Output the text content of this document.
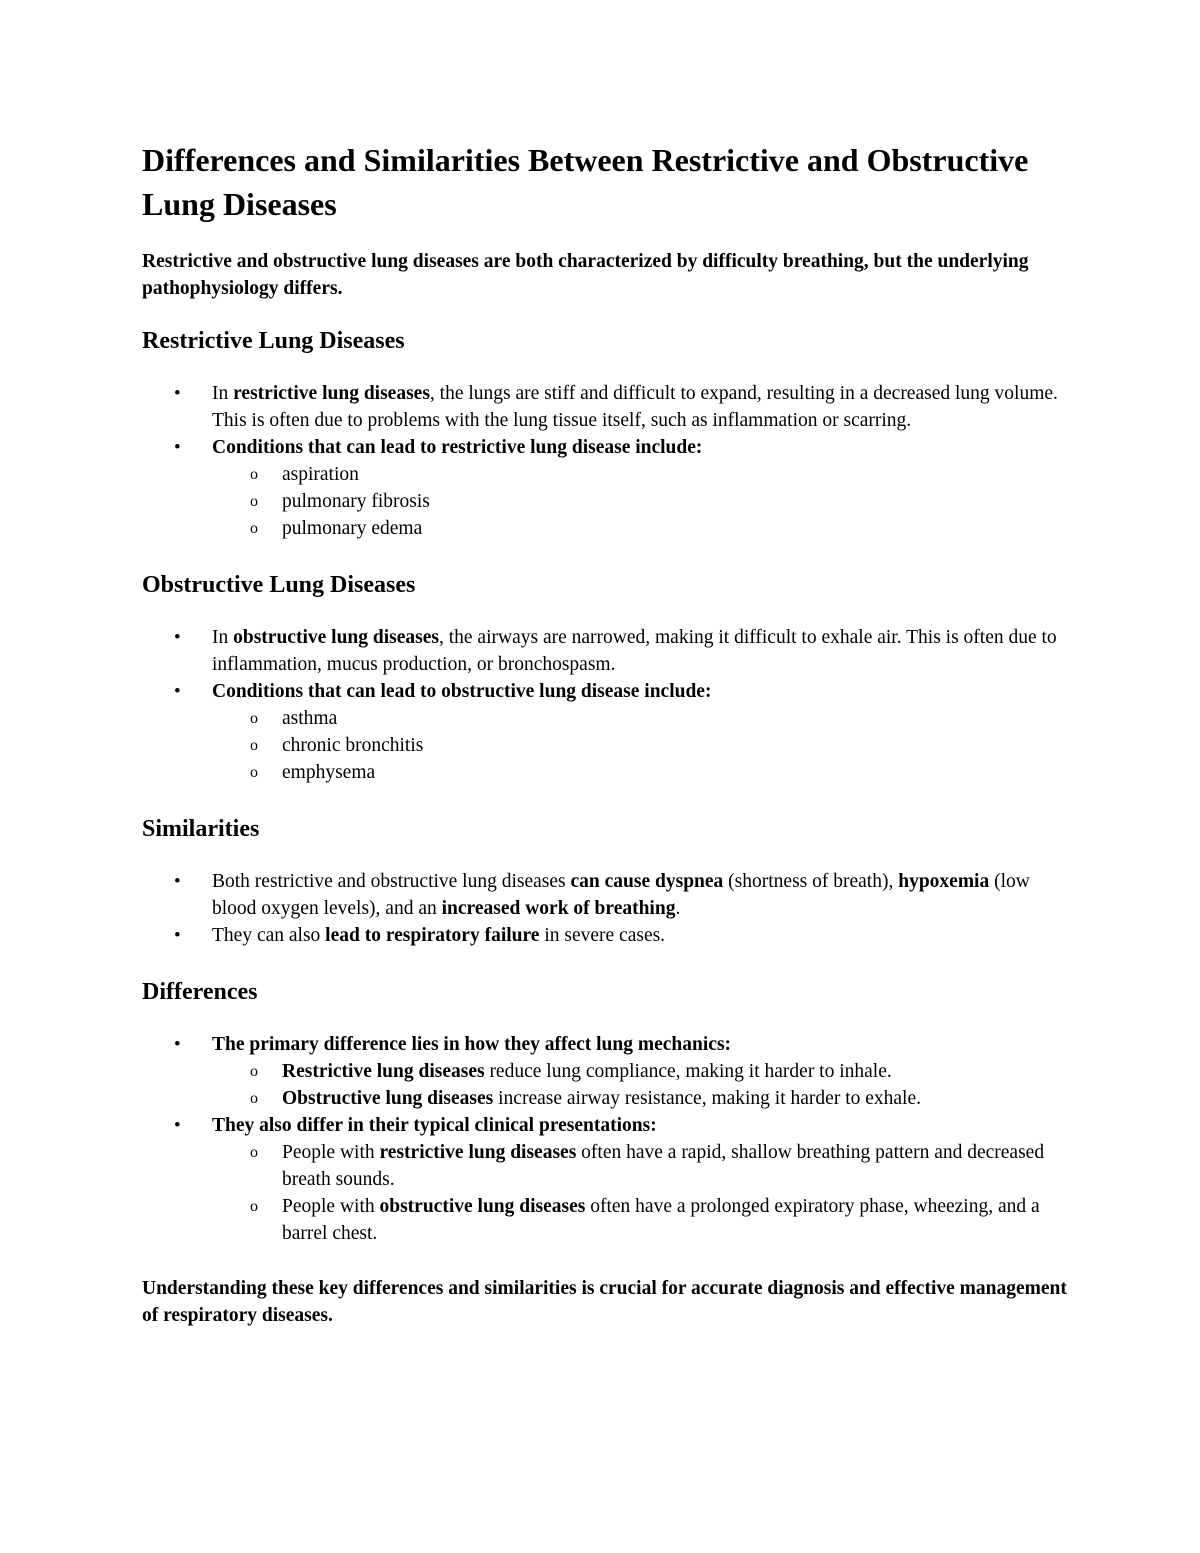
Differences and Similarities Between Restrictive and Obstructive Lung Diseases

Restrictive and obstructive lung diseases are both characterized by difficulty breathing, but the underlying pathophysiology differs.

Restrictive Lung Diseases
• In restrictive lung diseases, the lungs are stiff and difficult to expand, resulting in a decreased lung volume. This is often due to problems with the lung tissue itself, such as inflammation or scarring.
• Conditions that can lead to restrictive lung disease include:
o aspiration
o pulmonary fibrosis
o pulmonary edema
Obstructive Lung Diseases
• In obstructive lung diseases, the airways are narrowed, making it difficult to exhale air. This is often due to inflammation, mucus production, or bronchospasm.
• Conditions that can lead to obstructive lung disease include:
o asthma
o chronic bronchitis
o emphysema
Similarities
• Both restrictive and obstructive lung diseases can cause dyspnea (shortness of breath), hypoxemia (low blood oxygen levels), and an increased work of breathing.
• They can also lead to respiratory failure in severe cases.
Differences
• The primary difference lies in how they affect lung mechanics:
o Restrictive lung diseases reduce lung compliance, making it harder to inhale.
o Obstructive lung diseases increase airway resistance, making it harder to exhale.
• They also differ in their typical clinical presentations:
o People with restrictive lung diseases often have a rapid, shallow breathing pattern and decreased breath sounds.
o People with obstructive lung diseases often have a prolonged expiratory phase, wheezing, and a barrel chest.

Understanding these key differences and similarities is crucial for accurate diagnosis and effective management of respiratory diseases.
